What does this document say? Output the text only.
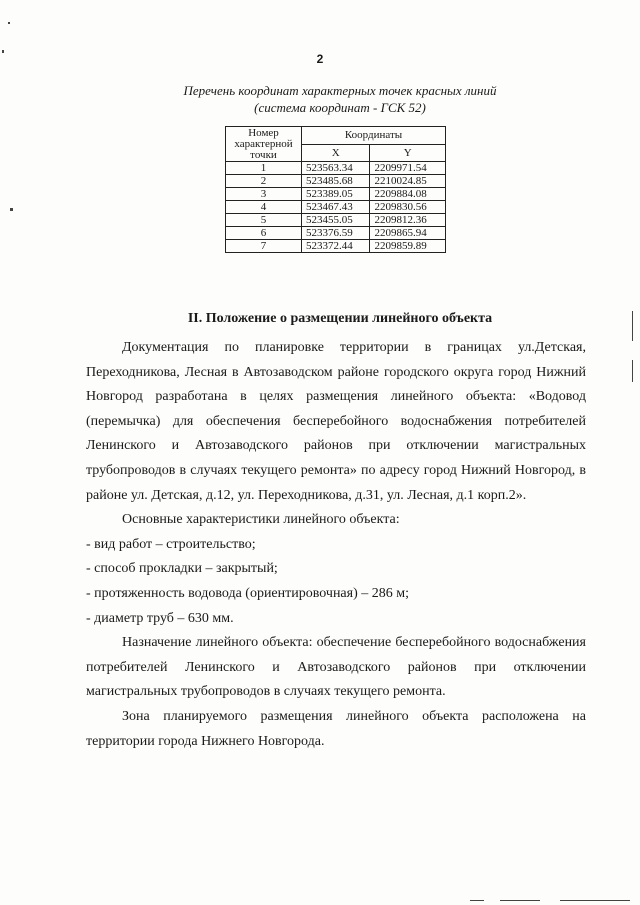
2
Перечень координат характерных точек красных линий
(система координат - ГСК 52)
Номер характерной точки	Координаты	
	X	Y
1	523563.34	2209971.54
2	523485.68	2210024.85
3	523389.05	2209884.08
4	523467.43	2209830.56
5	523455.05	2209812.36
6	523376.59	2209865.94
7	523372.44	2209859.89
II. Положение о размещении линейного объекта

Документация по планировке территории в границах ул.Детская, Переходникова, Лесная в Автозаводском районе городского округа город Нижний Новгород разработана в целях размещения линейного объекта: «Водовод (перемычка) для обеспечения бесперебойного водоснабжения потребителей Ленинского и Автозаводского районов при отключении магистральных трубопроводов в случаях текущего ремонта» по адресу город Нижний Новгород, в районе ул. Детская, д.12, ул. Переходникова, д.31, ул. Лесная, д.1 корп.2».

Основные характеристики линейного объекта:

- вид работ – строительство;

- способ прокладки – закрытый;

- протяженность водовода (ориентировочная) – 286 м;

- диаметр труб – 630 мм.

Назначение линейного объекта: обеспечение бесперебойного водоснабжения потребителей Ленинского и Автозаводского районов при отключении магистральных трубопроводов в случаях текущего ремонта.

Зона планируемого размещения линейного объекта расположена на территории города Нижнего Новгорода.
